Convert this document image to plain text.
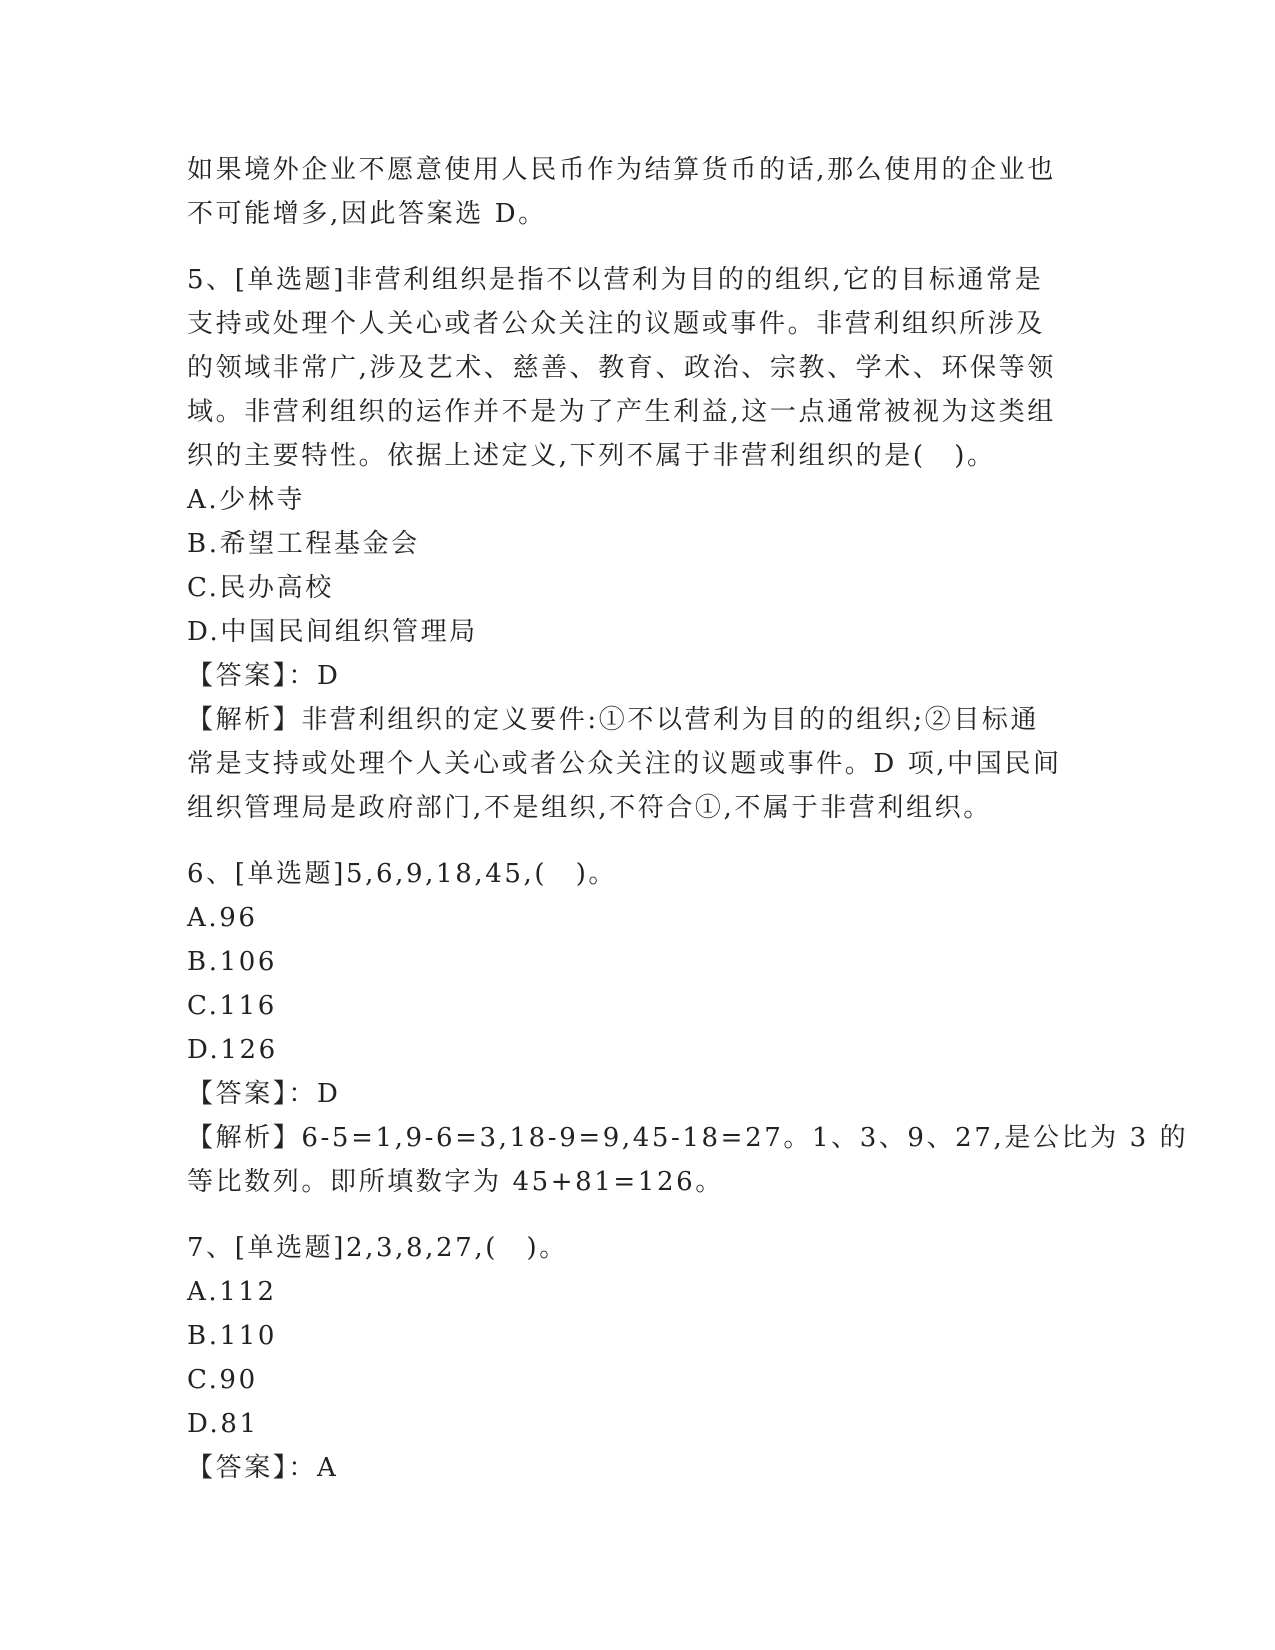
如果境外企业不愿意使用人民币作为结算货币的话,那么使用的企业也
不可能增多,因此答案选 D。
5、[单选题]非营利组织是指不以营利为目的的组织,它的目标通常是
支持或处理个人关心或者公众关注的议题或事件。非营利组织所涉及
的领域非常广,涉及艺术、慈善、教育、政治、宗教、学术、环保等领
域。非营利组织的运作并不是为了产生利益,这一点通常被视为这类组
织的主要特性。依据上述定义,下列不属于非营利组织的是(　)。
A.少林寺
B.希望工程基金会
C.民办高校
D.中国民间组织管理局
【答案】：D
【解析】非营利组织的定义要件:①不以营利为目的的组织;②目标通
常是支持或处理个人关心或者公众关注的议题或事件。D 项,中国民间
组织管理局是政府部门,不是组织,不符合①,不属于非营利组织。
6、[单选题]5,6,9,18,45,(　)。
A.96
B.106
C.116
D.126
【答案】：D
【解析】6-5=1,9-6=3,18-9=9,45-18=27。1、3、9、27,是公比为 3 的
等比数列。即所填数字为 45+81=126。
7、[单选题]2,3,8,27,(　)。
A.112
B.110
C.90
D.81
【答案】：A
